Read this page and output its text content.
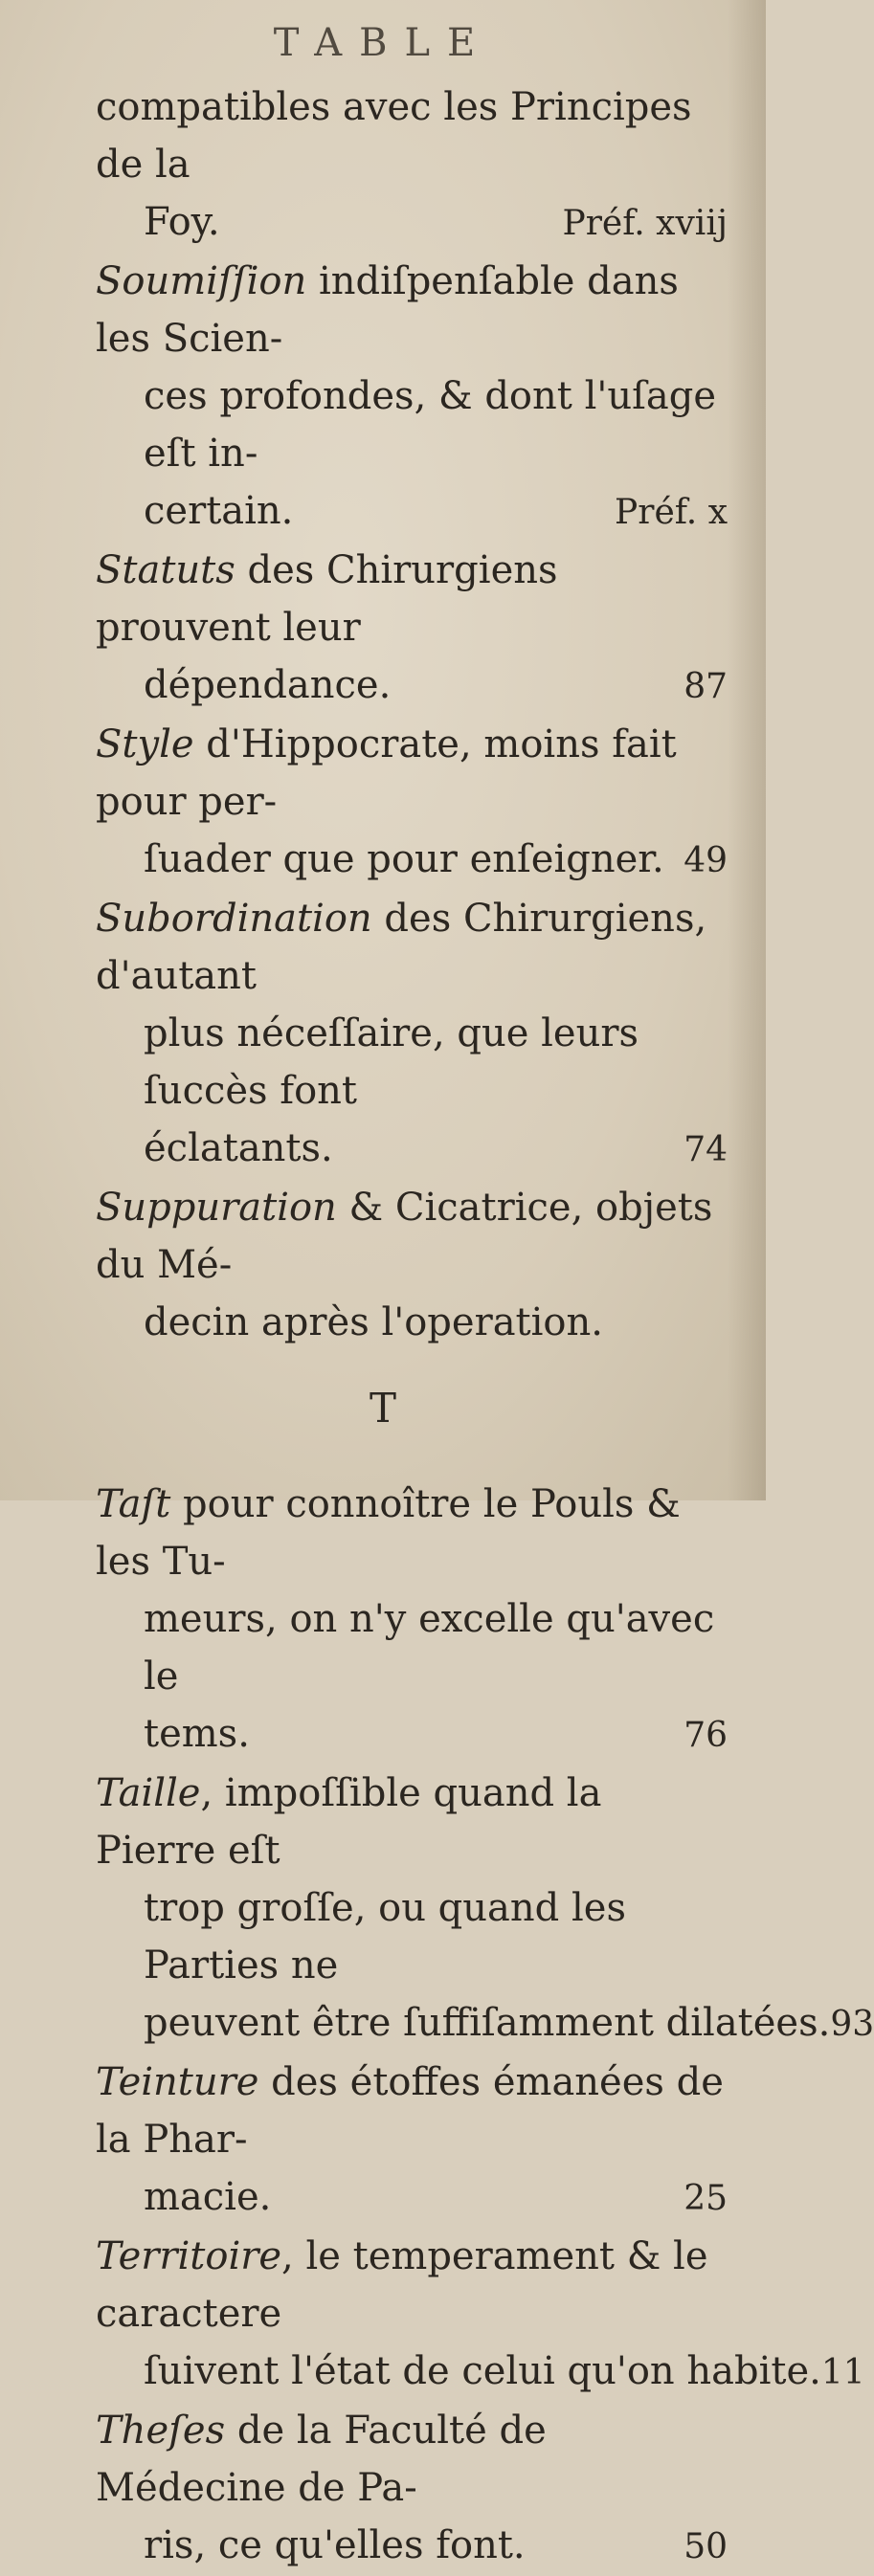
TABLE
compatibles avec les Principes de la
Foy.	Préf. xviij
Soumiſſion indiſpenſable dans les Scien-
ces profondes, & dont l'uſage eſt in-
certain.	Préf. x
Statuts des Chirurgiens prouvent leur
dépendance.	87
Style d'Hippocrate, moins fait pour per-
ſuader que pour enſeigner. 49
Subordination des Chirurgiens, d'autant
plus néceſſaire, que leurs ſuccès font
éclatants.	74
Suppuration & Cicatrice, objets du Mé-
decin après l'operation.
T
Taſt pour connoître le Pouls & les Tu-
meurs, on n'y excelle qu'avec le
tems.	76
Taille, impoſſible quand la Pierre eſt
trop groſſe, ou quand les Parties ne
peuvent être ſuffiſamment dilatées. 93
Teinture des étoffes émanées de la Phar-
macie.	25
Territoire, le temperament & le caractere
ſuivent l'état de celui qu'on habite. 11
Theſes de la Faculté de Médecine de Pa-
ris, ce qu'elles font.	50
